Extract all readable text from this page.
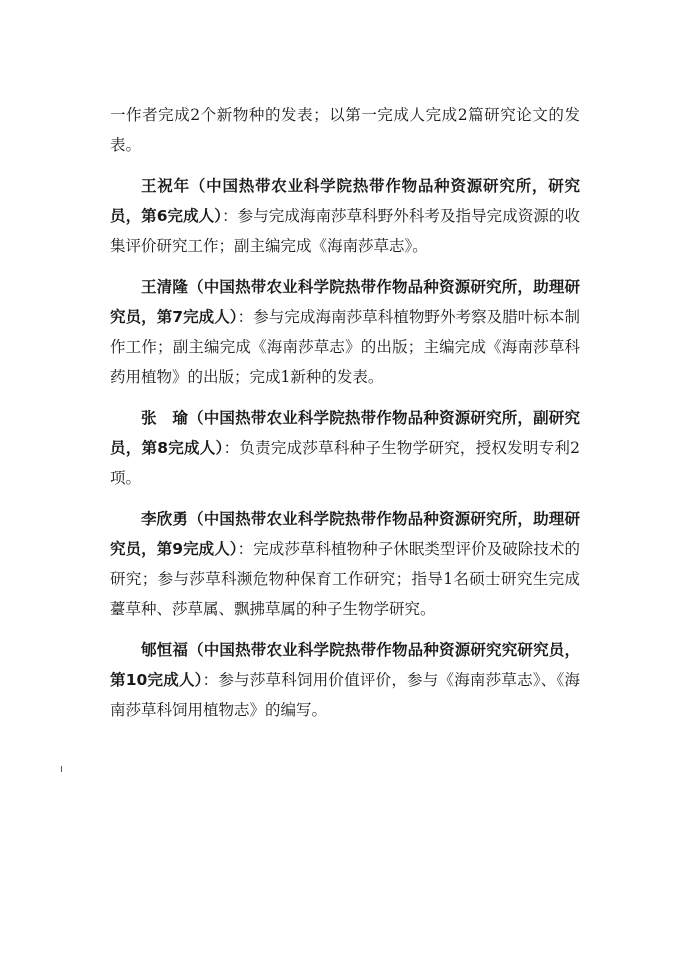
一作者完成2个新物种的发表；以第一完成人完成2篇研究论文的发表。

王祝年（中国热带农业科学院热带作物品种资源研究所，研究员，第6完成人）：参与完成海南莎草科野外科考及指导完成资源的收集评价研究工作；副主编完成《海南莎草志》。

王清隆（中国热带农业科学院热带作物品种资源研究所，助理研究员，第7完成人）：参与完成海南莎草科植物野外考察及腊叶标本制作工作；副主编完成《海南莎草志》的出版；主编完成《海南莎草科药用植物》的出版；完成1新种的发表。

张　瑜（中国热带农业科学院热带作物品种资源研究所，副研究员，第8完成人）：负责完成莎草科种子生物学研究，授权发明专利2项。

李欣勇（中国热带农业科学院热带作物品种资源研究所，助理研究员，第9完成人）：完成莎草科植物种子休眠类型评价及破除技术的研究；参与莎草科濒危物种保育工作研究；指导1名硕士研究生完成薹草种、莎草属、飘拂草属的种子生物学研究。

郇恒福（中国热带农业科学院热带作物品种资源研究究研究员，第10完成人）：参与莎草科饲用价值评价，参与《海南莎草志》、《海南莎草科饲用植物志》的编写。
